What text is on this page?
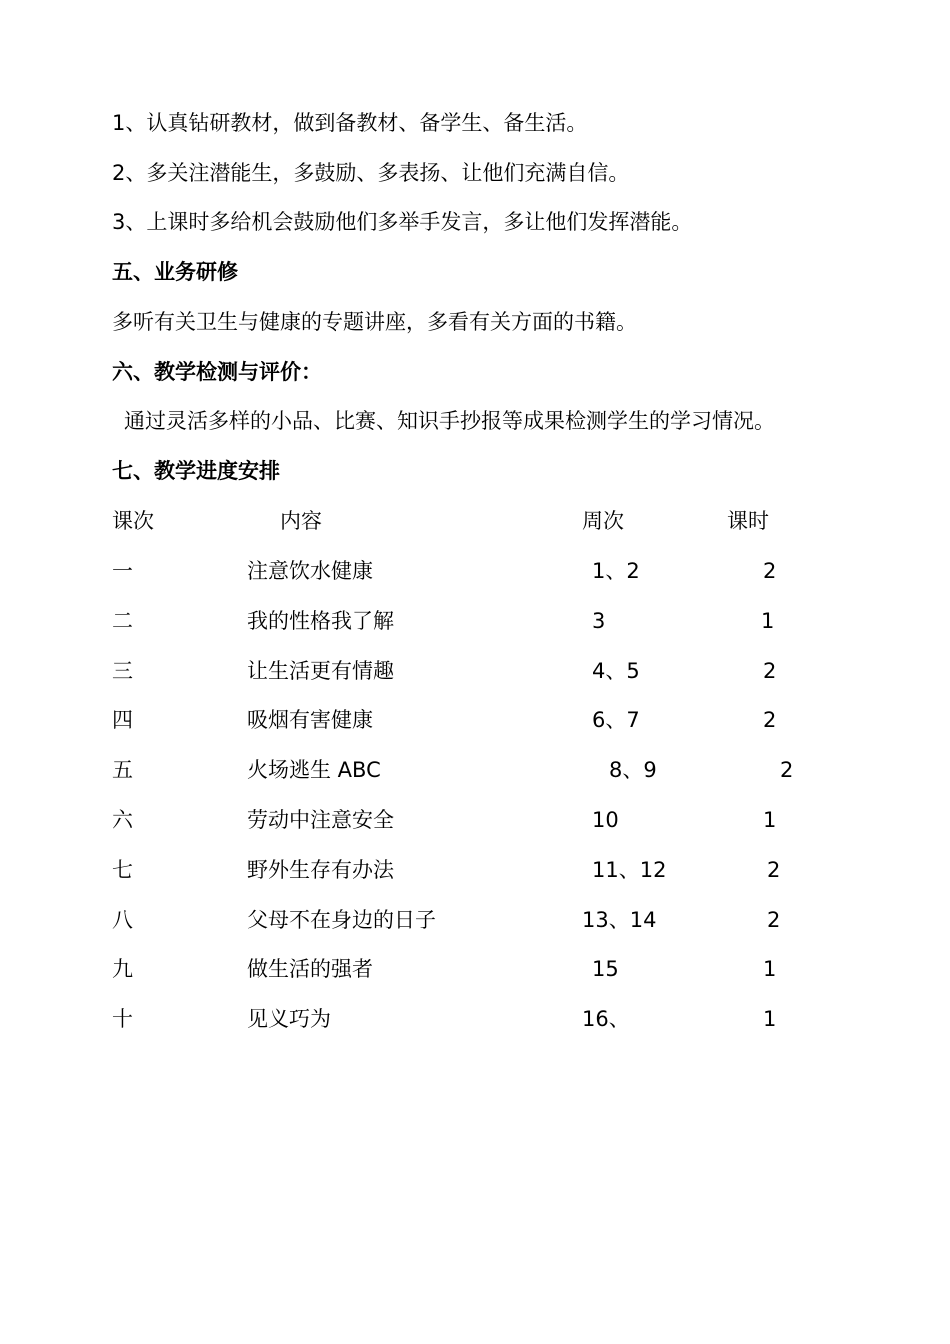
1、认真钻研教材，做到备教材、备学生、备生活。
2、多关注潜能生，多鼓励、多表扬、让他们充满自信。
3、上课时多给机会鼓励他们多举手发言，多让他们发挥潜能。
五、业务研修
多听有关卫生与健康的专题讲座，多看有关方面的书籍。
六、教学检测与评价：
通过灵活多样的小品、比赛、知识手抄报等成果检测学生的学习情况。
七、教学进度安排
课次	内容	周次	课时
一	注意饮水健康	1、2	2
二	我的性格我了解	3	1
三	让生活更有情趣	4、5	2
四	吸烟有害健康	6、7	2
五	火场逃生 ABC	8、9	2
六	劳动中注意安全	10	1
七	野外生存有办法	11、12	2
八	父母不在身边的日子	13、14	2
九	做生活的强者	15	1
十	见义巧为	16、	1
